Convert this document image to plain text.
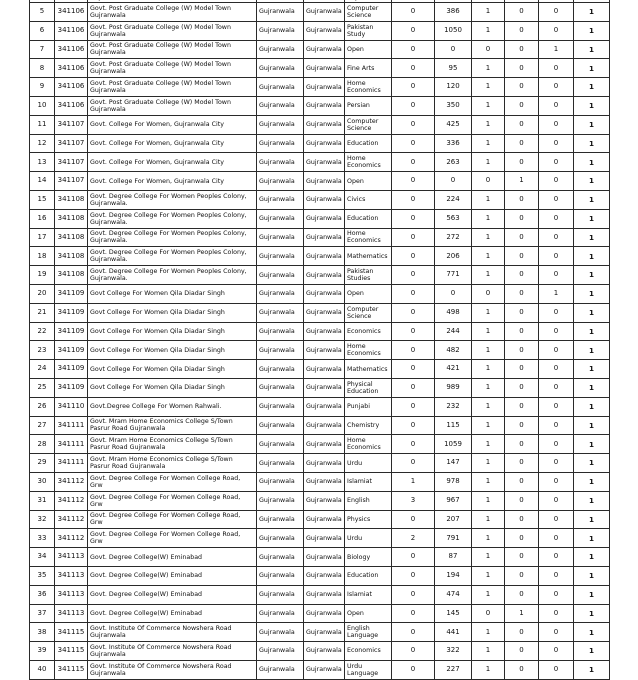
5	341106	Govt. Post Graduate College (W) Model Town Gujranwala	Gujranwala	Gujranwala	Computer Science	0	386	1	0	0	1
6	341106	Govt. Post Graduate College (W) Model Town Gujranwala	Gujranwala	Gujranwala	Pakistan Study	0	1050	1	0	0	1
7	341106	Govt. Post Graduate College (W) Model Town Gujranwala	Gujranwala	Gujranwala	Open	0	0	0	0	1	1
8	341106	Govt. Post Graduate College (W) Model Town Gujranwala	Gujranwala	Gujranwala	Fine Arts	0	95	1	0	0	1
9	341106	Govt. Post Graduate College (W) Model Town Gujranwala	Gujranwala	Gujranwala	Home Economics	0	120	1	0	0	1
10	341106	Govt. Post Graduate College (W) Model Town Gujranwala	Gujranwala	Gujranwala	Persian	0	350	1	0	0	1
11	341107	Govt. College For Women, Gujranwala City	Gujranwala	Gujranwala	Computer Science	0	425	1	0	0	1
12	341107	Govt. College For Women, Gujranwala City	Gujranwala	Gujranwala	Education	0	336	1	0	0	1
13	341107	Govt. College For Women, Gujranwala City	Gujranwala	Gujranwala	Home Economics	0	263	1	0	0	1
14	341107	Govt. College For Women, Gujranwala City	Gujranwala	Gujranwala	Open	0	0	0	1	0	1
15	341108	Govt. Degree College For Women Peoples Colony, Gujranwala.	Gujranwala	Gujranwala	Civics	0	224	1	0	0	1
16	341108	Govt. Degree College For Women Peoples Colony, Gujranwala.	Gujranwala	Gujranwala	Education	0	563	1	0	0	1
17	341108	Govt. Degree College For Women Peoples Colony, Gujranwala.	Gujranwala	Gujranwala	Home Economics	0	272	1	0	0	1
18	341108	Govt. Degree College For Women Peoples Colony, Gujranwala.	Gujranwala	Gujranwala	Mathematics	0	206	1	0	0	1
19	341108	Govt. Degree College For Women Peoples Colony, Gujranwala.	Gujranwala	Gujranwala	Pakistan Studies	0	771	1	0	0	1
20	341109	Govt College For Women Qila Diadar Singh	Gujranwala	Gujranwala	Open	0	0	0	0	1	1
21	341109	Govt College For Women Qila Diadar Singh	Gujranwala	Gujranwala	Computer Science	0	498	1	0	0	1
22	341109	Govt College For Women Qila Diadar Singh	Gujranwala	Gujranwala	Economics	0	244	1	0	0	1
23	341109	Govt College For Women Qila Diadar Singh	Gujranwala	Gujranwala	Home Economics	0	482	1	0	0	1
24	341109	Govt College For Women Qila Diadar Singh	Gujranwala	Gujranwala	Mathematics	0	421	1	0	0	1
25	341109	Govt College For Women Qila Diadar Singh	Gujranwala	Gujranwala	Physical Education	0	989	1	0	0	1
26	341110	Govt.Degree College For Women Rahwali.	Gujranwala	Gujranwala	Punjabi	0	232	1	0	0	1
27	341111	Govt. Mram Home Economics College S/Town Pasrur Road Gujranwala	Gujranwala	Gujranwala	Chemistry	0	115	1	0	0	1
28	341111	Govt. Mram Home Economics College S/Town Pasrur Road Gujranwala	Gujranwala	Gujranwala	Home Economics	0	1059	1	0	0	1
29	341111	Govt. Mram Home Economics College S/Town Pasrur Road Gujranwala	Gujranwala	Gujranwala	Urdu	0	147	1	0	0	1
30	341112	Govt. Degree College For Women College Road, Grw	Gujranwala	Gujranwala	Islamiat	1	978	1	0	0	1
31	341112	Govt. Degree College For Women College Road, Grw	Gujranwala	Gujranwala	English	3	967	1	0	0	1
32	341112	Govt. Degree College For Women College Road, Grw	Gujranwala	Gujranwala	Physics	0	207	1	0	0	1
33	341112	Govt. Degree College For Women College Road, Grw	Gujranwala	Gujranwala	Urdu	2	791	1	0	0	1
34	341113	Govt. Degree College(W) Eminabad	Gujranwala	Gujranwala	Biology	0	87	1	0	0	1
35	341113	Govt. Degree College(W) Eminabad	Gujranwala	Gujranwala	Education	0	194	1	0	0	1
36	341113	Govt. Degree College(W) Eminabad	Gujranwala	Gujranwala	Islamiat	0	474	1	0	0	1
37	341113	Govt. Degree College(W) Eminabad	Gujranwala	Gujranwala	Open	0	145	0	1	0	1
38	341115	Govt. Institute Of Commerce Nowshera Road Gujranwala	Gujranwala	Gujranwala	English Language	0	441	1	0	0	1
39	341115	Govt. Institute Of Commerce Nowshera Road Gujranwala	Gujranwala	Gujranwala	Economics	0	322	1	0	0	1
40	341115	Govt. Institute Of Commerce Nowshera Road Gujranwala	Gujranwala	Gujranwala	Urdu Language	0	227	1	0	0	1
